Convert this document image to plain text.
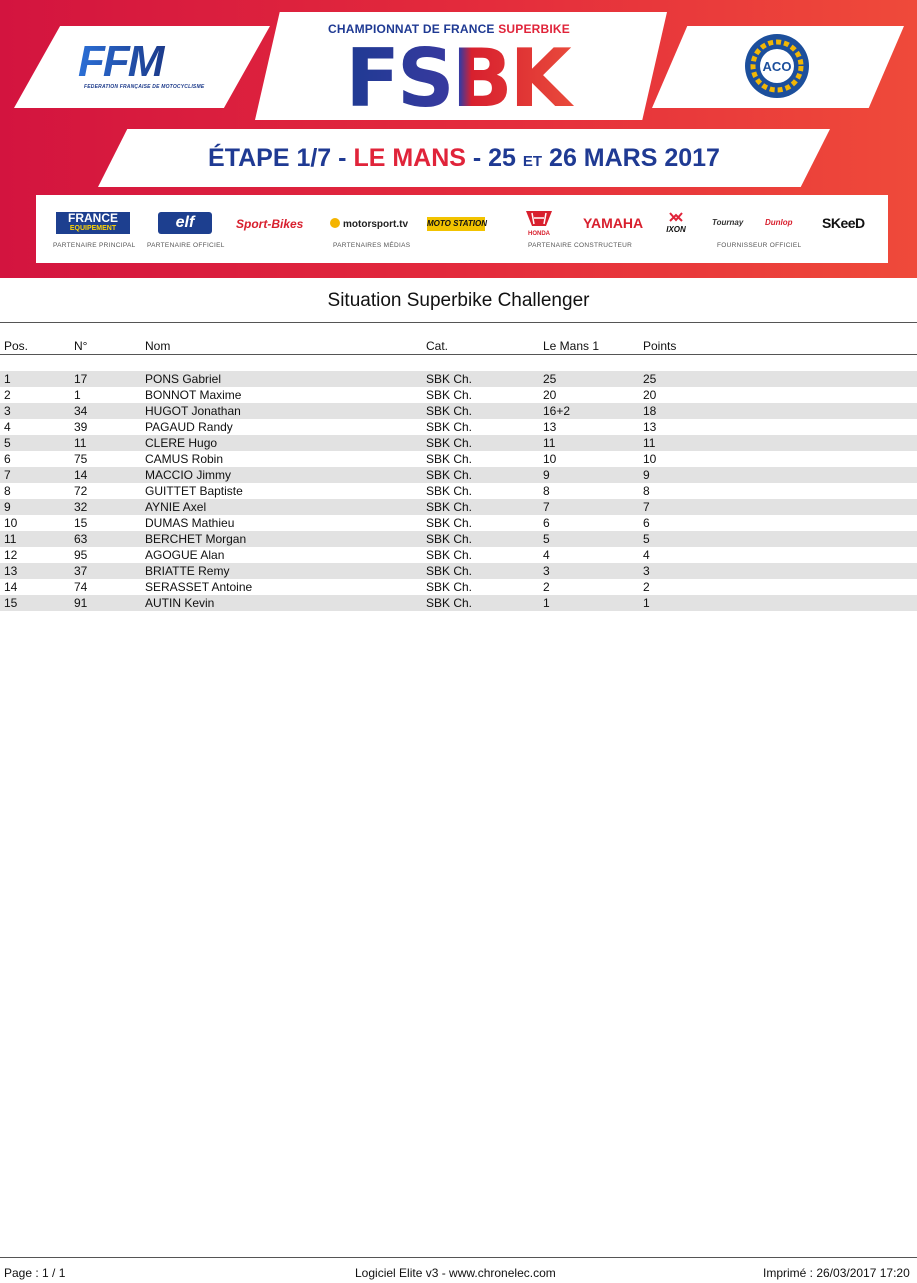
FFM
FEDERATION FRANÇAISE DE MOTOCYCLISME
CHAMPIONNAT DE FRANCE SUPERBIKE
FSBK	ACO
ÉTAPE 1/7 - LE MANS - 25 ET 26 MARS 2017
FRANCE
EQUIPEMENT	elf	Sport-Bikes	motorsport.tv MOTO STATION
HONDA
YAMAHA	IXON
Tournay	Dunlop SKeeD
PARTENAIRE PRINCIPAL PARTENAIRE OFFICIEL	PARTENAIRES MÉDIAS	PARTENAIRE CONSTRUCTEUR	FOURNISSEUR OFFICIEL
Situation Superbike Challenger
Pos.	N°	Nom	Cat.	Le Mans 1	Points
1	17	PONS Gabriel	SBK Ch.	25	25
2	1	BONNOT Maxime	SBK Ch.	20	20
3	34	HUGOT Jonathan	SBK Ch.	16+2	18
4	39	PAGAUD Randy	SBK Ch.	13	13
5	11	CLERE Hugo	SBK Ch.	11	11
6	75	CAMUS Robin	SBK Ch.	10	10
7	14	MACCIO Jimmy	SBK Ch.	9	9
8	72	GUITTET Baptiste	SBK Ch.	8	8
9	32	AYNIE Axel	SBK Ch.	7	7
10	15	DUMAS Mathieu	SBK Ch.	6	6
11	63	BERCHET Morgan	SBK Ch.	5	5
12	95	AGOGUE Alan	SBK Ch.	4	4
13	37	BRIATTE Remy	SBK Ch.	3	3
14	74	SERASSET Antoine	SBK Ch.	2	2
15	91	AUTIN Kevin	SBK Ch.	1	1
Page : 1 / 1	Logiciel Elite v3 - www.chronelec.com	Imprimé : 26/03/2017 17:20
